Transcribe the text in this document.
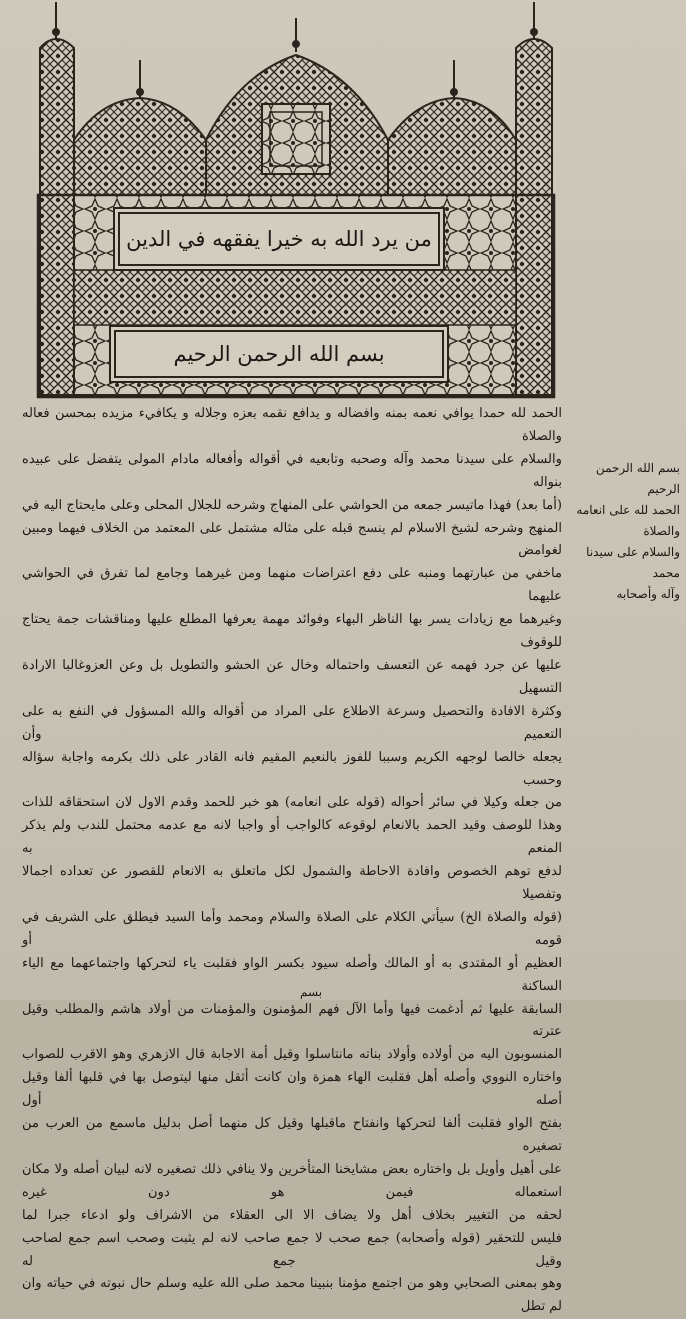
من يرد الله به خيرا يفقهه في الدين
بسم الله الرحمن الرحيم

الحمد لله حمدا يوافي نعمه بمنه وافضاله و يدافع نقمه بعزه وجلاله و يكافيء مزيده بمحسن فعاله والصلاة

والسلام على سيدنا محمد وآله وصحبه وتابعيه في أقواله وأفعاله مادام المولى يتفضل على عبيده بنواله

(أما بعد) فهذا ماتيسر جمعه من الحواشي على المنهاج وشرحه للجلال المحلى وعلى مايحتاج اليه في

المنهج وشرحه لشيخ الاسلام لم ينسج قبله على مثاله مشتمل على المعتمد من الخلاف فيهما ومبين لغوامض

ماخفي من عبارتهما ومنبه على دفع اعتراضات منهما ومن غيرهما وجامع لما تفرق في الحواشي عليهما

وغيرهما مع زيادات يسر بها الناظر البهاء وفوائد مهمة يعرفها المطلع عليها ومناقشات جمة يحتاج للوقوف

عليها عن جرد فهمه عن التعسف واحتماله وخال عن الحشو والتطويل بل وعن العزوغالبا الارادة التسهيل

وكثرة الافادة والتحصيل وسرعة الاطلاع على المراد من أقواله والله المسؤول في النفع به على التعميم وأن

يجعله خالصا لوجهه الكريم وسببا للفوز بالنعيم المقيم فانه القادر على ذلك بكرمه واجابة سؤاله وحسب

من جعله وكيلا في سائر أحواله (قوله على انعامه) هو خبر للحمد وقدم الاول لان استحقاقه للذات

وهذا للوصف وقيد الحمد بالانعام لوقوعه كالواجب أو واجبا لانه مع عدمه محتمل للندب ولم يذكر المنعم به

لدفع توهم الخصوص وافادة الاحاطة والشمول لكل ماتعلق به الانعام للقصور عن تعداده اجمالا وتفصيلا

(قوله والصلاة الخ) سيأتي الكلام على الصلاة والسلام ومحمد وأما السيد فيطلق على الشريف في قومه أو

العظيم أو المقتدى به أو المالك وأصله سيود بكسر الواو فقلبت ياء لتحركها واجتماعهما مع الياء الساكنة

السابقة عليها ثم أدغمت فيها وأما الآل فهم المؤمنون والمؤمنات من أولاد هاشم والمطلب وقيل عترته

المنسوبون اليه من أولاده وأولاد بناته مانتاسلوا وقيل أمة الاجابة قال الازهري وهو الاقرب للصواب

واختاره النووي وأصله أهل فقلبت الهاء همزة وان كانت أثقل منها ليتوصل بها في قلبها ألفا وقيل أصله أول

بفتح الواو فقلبت ألفا لتحركها وانفتاح ماقبلها وقيل كل منهما أصل بدليل ماسمع من العرب من تصغيره

على أهيل وأويل بل واختاره بعض مشايخنا المتأخرين ولا ينافي ذلك تصغيره لانه لبيان أصله ولا مكان استعماله فيمن هو دون غيره

لحقه من التغيير بخلاف أهل ولا يضاف الا الى العقلاء من الاشراف ولو ادعاء جبرا لما

فليس للتحقير (قوله وأصحابه) جمع صحب لا جمع صاحب لانه لم يثبت وصحب اسم جمع لصاحب وقيل جمع له

وهو بمعنى الصحابي وهو من اجتمع مؤمنا بنبينا محمد صلى الله عليه وسلم حال نبوته في حياته وان لم تطل

بسم الله الرحمن الرحيم
الحمد لله على انعامه والصلاة
والسلام على سيدنا محمد
وآله وأصحابه
بسم
